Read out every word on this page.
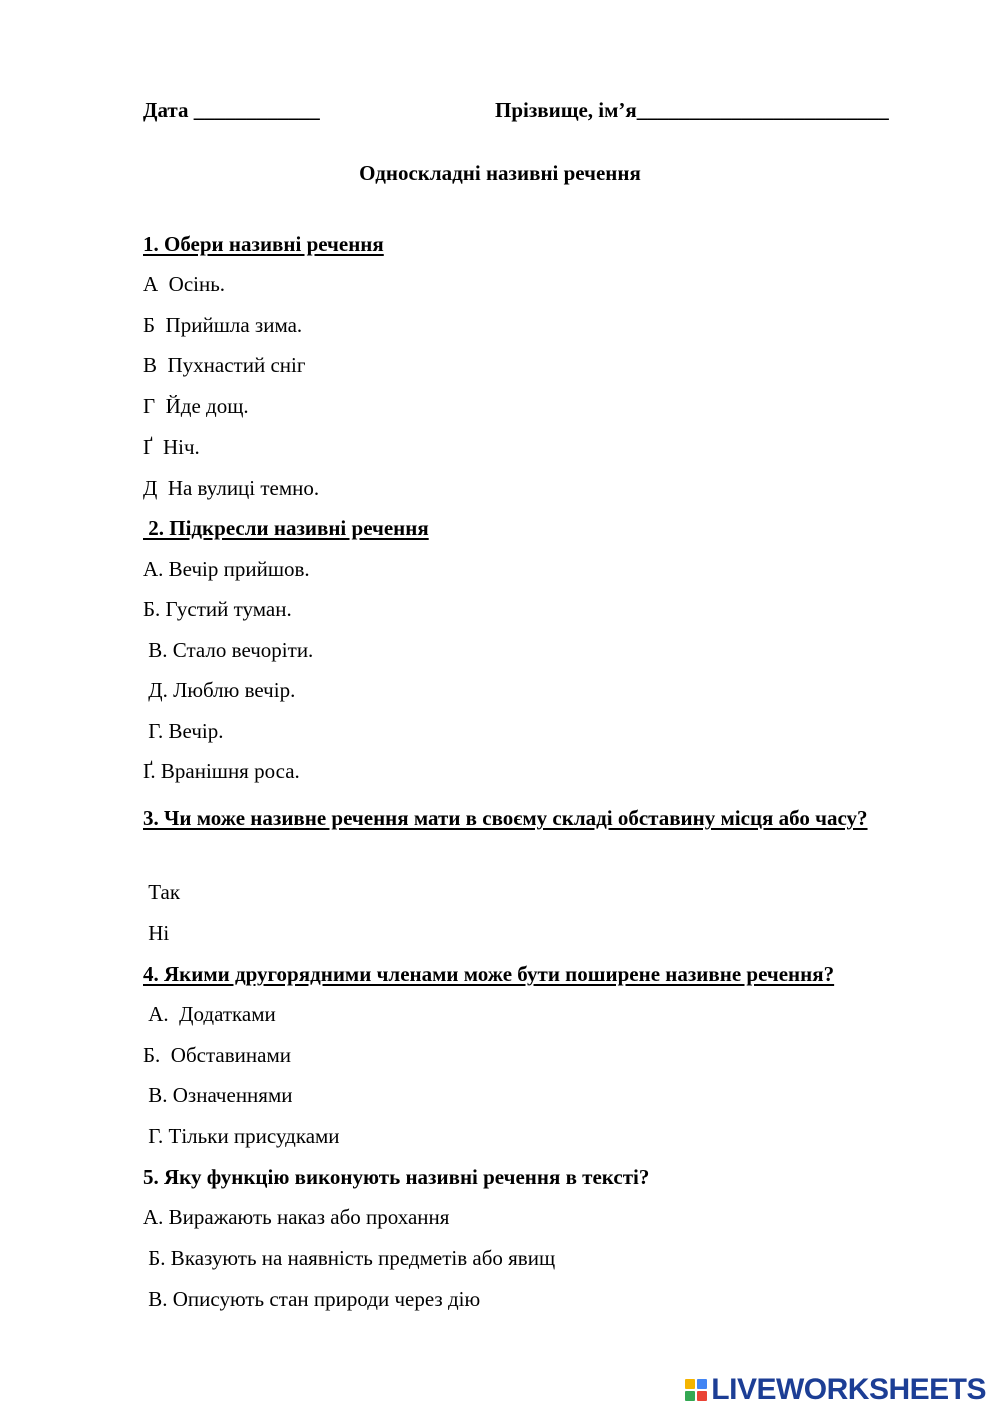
Дата ____________	Прізвище, ім’я________________________
Односкладні називні речення
1. Обери називні речення
А  Осінь.
Б  Прийшла зима.
В  Пухнастий сніг
Г  Йде дощ.
Ґ  Ніч.
Д  На вулиці темно.
2. Підкресли називні речення
А. Вечір прийшов.
Б. Густий туман.
В. Стало вечоріти.
Д. Люблю вечір.
Г. Вечір.
Ґ. Вранішня роса.
3. Чи може називне речення мати в своєму складі обставину місця або часу?
Так
Ні
4. Якими другорядними членами може бути поширене називне речення?
А.  Додатками
Б.  Обставинами
В. Означеннями
Г. Тільки присудками
5. Яку функцію виконують називні речення в тексті?
А. Виражають наказ або прохання
Б. Вказують на наявність предметів або явищ
В. Описують стан природи через дію
LIVEWORKSHEETS
